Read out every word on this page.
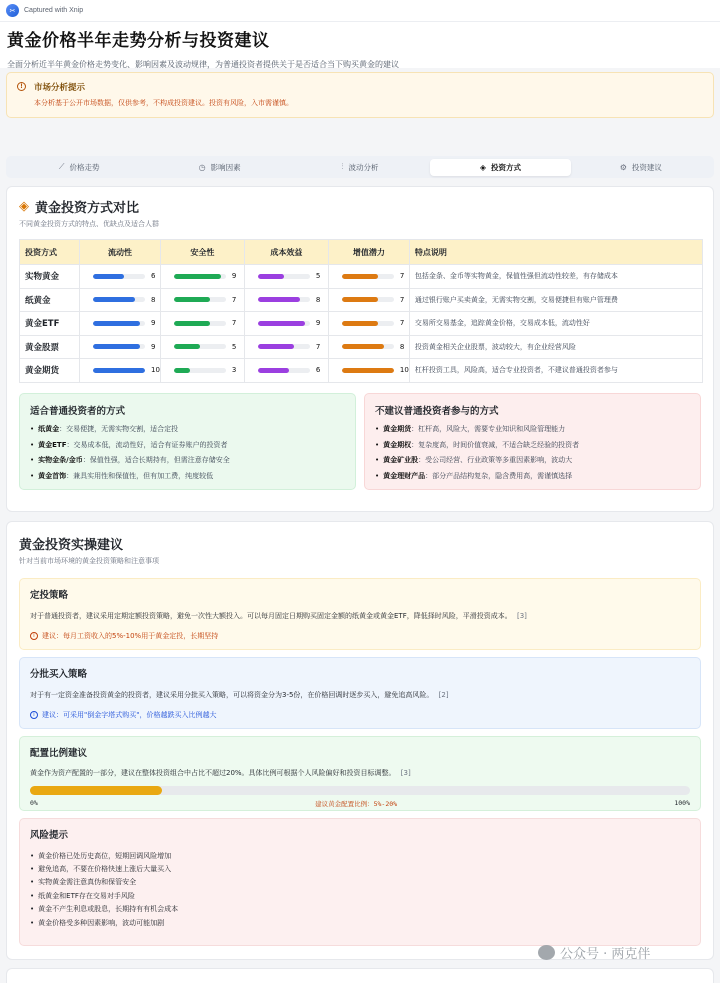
✂	Captured with Xnip
黄金价格半年走势分析与投资建议
全面分析近半年黄金价格走势变化、影响因素及波动规律，为普通投资者提供关于是否适合当下购买黄金的建议
!	市场分析提示
本分析基于公开市场数据，仅供参考，不构成投资建议。投资有风险，入市需谨慎。
⟋ 价格走势	◷ 影响因素	⫶ 波动分析	◈ 投资方式	⚙ 投资建议
◈ 黄金投资方式对比
不同黄金投资方式的特点、优缺点及适合人群
投资方式	流动性	安全性	成本效益	增值潜力	特点说明
实物黄金	6	9	5	7	包括金条、金币等实物黄金，保值性强但流动性较差，有存储成本
纸黄金	8	7	8	7	通过银行账户买卖黄金，无需实物交割，交易便捷但有账户管理费
黄金ETF	9	7	9	7	交易所交易基金，追踪黄金价格，交易成本低，流动性好
黄金股票	9	5	7	8	投资黄金相关企业股票，波动较大，有企业经营风险
黄金期货	10	3	6	10	杠杆投资工具，风险高，适合专业投资者，不建议普通投资者参与
适合普通投资者的方式
• 纸黄金 ：交易便捷，无需实物交割，适合定投
• 黄金ETF ：交易成本低，流动性好，适合有证券账户的投资者
• 实物金条/金币 ：保值性强，适合长期持有，但需注意存储安全
• 黄金首饰 ：兼具实用性和保值性，但有加工费，纯度较低
不建议普通投资者参与的方式
• 黄金期货 ：杠杆高，风险大，需要专业知识和风险管理能力
• 黄金期权 ：复杂度高，时间价值衰减，不适合缺乏经验的投资者
• 黄金矿业股 ：受公司经营、行业政策等多重因素影响，波动大
• 黄金理财产品 ：部分产品结构复杂，隐含费用高，需谨慎选择
黄金投资实操建议
针对当前市场环境的黄金投资策略和注意事项
定投策略
对于普通投资者，建议采用定期定额投资策略，避免一次性大额投入。可以每月固定日期购买固定金额的纸黄金或黄金ETF，降低择时风险，平滑投资成本。 [3]
i	建议：每月工资收入的5%-10%用于黄金定投，长期坚持
分批买入策略
对于有一定资金准备投资黄金的投资者，建议采用分批买入策略，可以将资金分为3-5份，在价格回调时逐步买入，避免追高风险。 [2]
i	建议：可采用"倒金字塔式购买"，价格越跌买入比例越大
配置比例建议
黄金作为资产配置的一部分，建议在整体投资组合中占比不超过20%。具体比例可根据个人风险偏好和投资目标调整。 [3]
0%	建议黄金配置比例：5%-20%	100%
风险提示
• 黄金价格已处历史高位，短期回调风险增加
• 避免追高，不要在价格快速上涨后大量买入
• 实物黄金需注意真伪和保管安全
• 纸黄金和ETF存在交易对手风险
• 黄金不产生利息或股息，长期持有有机会成本
• 黄金价格受多种因素影响，波动可能加剧
公众号 · 两克伴
